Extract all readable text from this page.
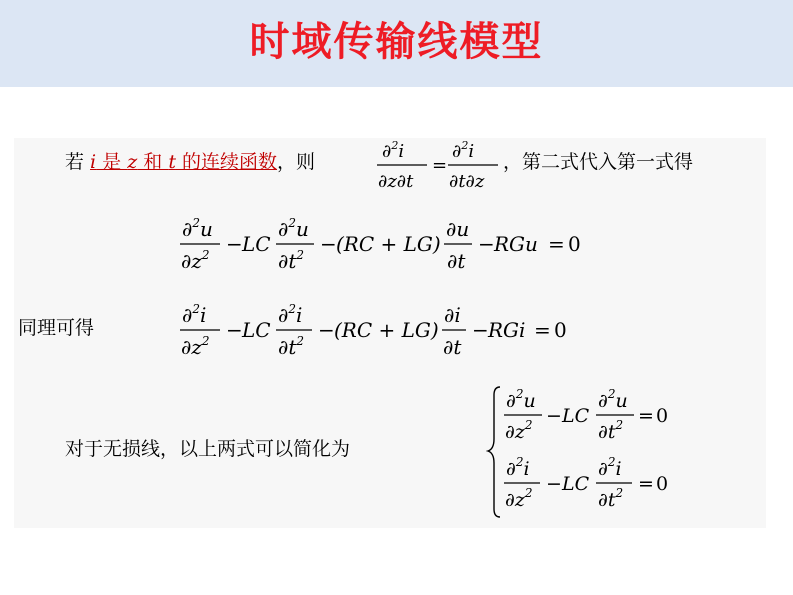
时域传输线模型
若 i 是 z 和 t 的连续函数，则	∂$^2$i
∂z∂t
=
∂$^2$i
∂t∂z
，第二式代入第一式得
∂$^2$u
$\partial z^2$ − LC
∂$^2$u
$\partial t^2 - (RC + LG)$
∂u
∂t
− RGu = 0
同理可得
∂$^2$i
$\partial z^2$ − LC
∂$^2$i
$\partial t^2 - (RC + LG)$
∂i
∂t
− RGi = 0
对于无损线，以上两式可以简化为
∂$^2$u
$\partial z^2$ − LC
∂$^2$u
$\partial t^2 = 0$
∂$^2$i
$\partial z^2$ − LC
∂$^2$i
$\partial t^2 = 0$
